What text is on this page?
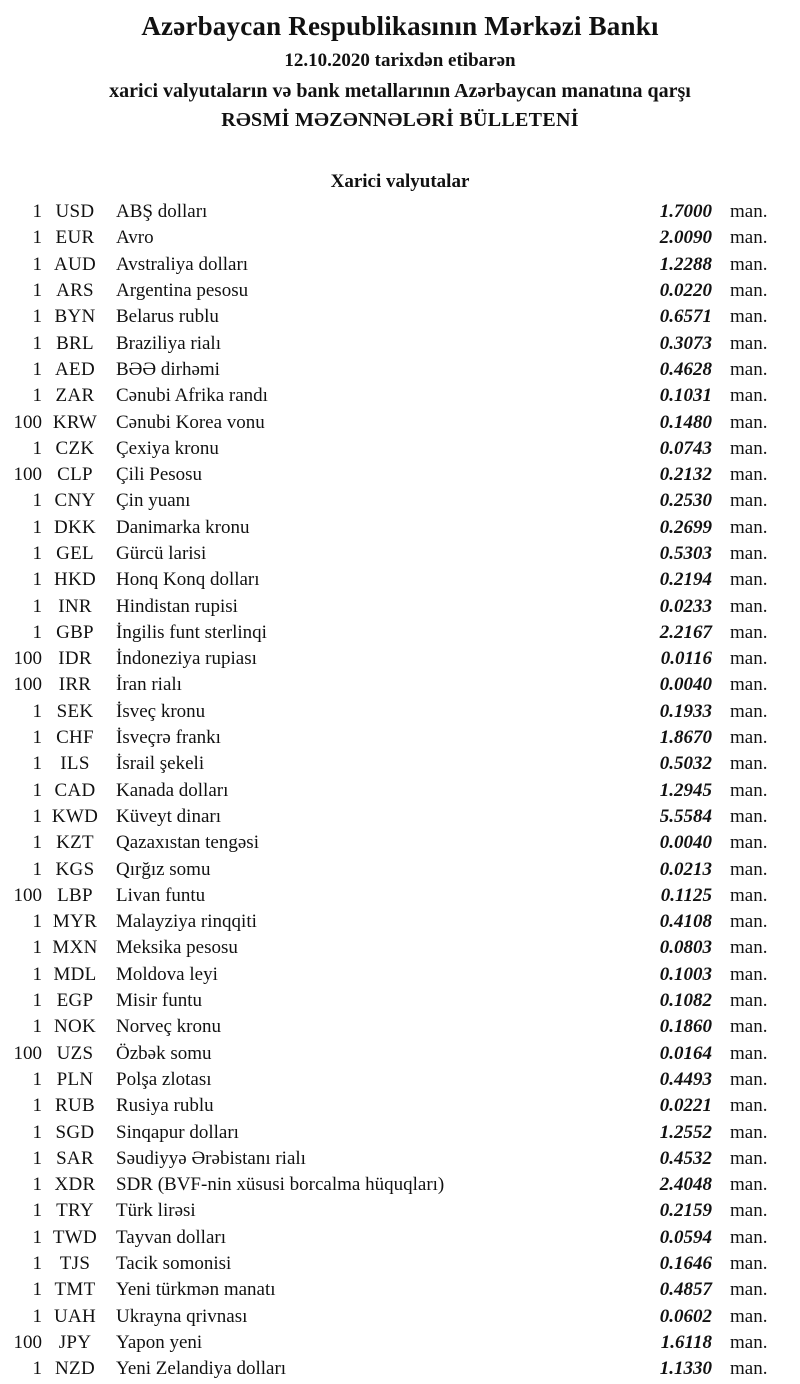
Azərbaycan Respublikasının Mərkəzi Bankı
12.10.2020 tarixdən etibarən
xarici valyutaların və bank metallarının Azərbaycan manatına qarşı
RƏSMİ MƏZƏNNƏLƏRİ BÜLLETENİ
Xarici valyutalar
1 USD	ABŞ dolları	1.7000 man.
1 EUR	Avro	2.0090 man.
1 AUD	Avstraliya dolları	1.2288 man.
1 ARS	Argentina pesosu	0.0220 man.
1 BYN	Belarus rublu	0.6571 man.
1 BRL	Braziliya rialı	0.3073 man.
1 AED	BƏƏ dirhəmi	0.4628 man.
1 ZAR	Cənubi Afrika randı	0.1031 man.
100 KRW Cənubi Korea vonu	0.1480 man.
1 CZK	Çexiya kronu	0.0743 man.
100 CLP	Çili Pesosu	0.2132 man.
1 CNY	Çin yuanı	0.2530 man.
1 DKK	Danimarka kronu	0.2699 man.
1 GEL	Gürcü larisi	0.5303 man.
1 HKD	Honq Konq dolları	0.2194 man.
1 INR	Hindistan rupisi	0.0233 man.
1 GBP	İngilis funt sterlinqi	2.2167 man.
100 IDR	İndoneziya rupiası	0.0116 man.
100 IRR	İran rialı	0.0040 man.
1 SEK	İsveç kronu	0.1933 man.
1 CHF	İsveçrə frankı	1.8670 man.
1 ILS	İsrail şekeli	0.5032 man.
1 CAD	Kanada dolları	1.2945 man.
1 KWD Küveyt dinarı	5.5584 man.
1 KZT	Qazaxıstan tengəsi	0.0040 man.
1 KGS	Qırğız somu	0.0213 man.
100 LBP	Livan funtu	0.1125 man.
1 MYR Malayziya rinqqiti	0.4108 man.
1 MXN Meksika pesosu	0.0803 man.
1 MDL	Moldova leyi	0.1003 man.
1 EGP	Misir funtu	0.1082 man.
1 NOK	Norveç kronu	0.1860 man.
100 UZS	Özbək somu	0.0164 man.
1 PLN	Polşa zlotası	0.4493 man.
1 RUB	Rusiya rublu	0.0221 man.
1 SGD	Sinqapur dolları	1.2552 man.
1 SAR	Səudiyyə Ərəbistanı rialı	0.4532 man.
1 XDR	SDR (BVF-nin xüsusi borcalma hüquqları)	2.4048 man.
1 TRY	Türk lirəsi	0.2159 man.
1 TWD Tayvan dolları	0.0594 man.
1 TJS	Tacik somonisi	0.1646 man.
1 TMT	Yeni türkmən manatı	0.4857 man.
1 UAH	Ukrayna qrivnası	0.0602 man.
100 JPY	Yapon yeni	1.6118 man.
1 NZD	Yeni Zelandiya dolları	1.1330 man.
